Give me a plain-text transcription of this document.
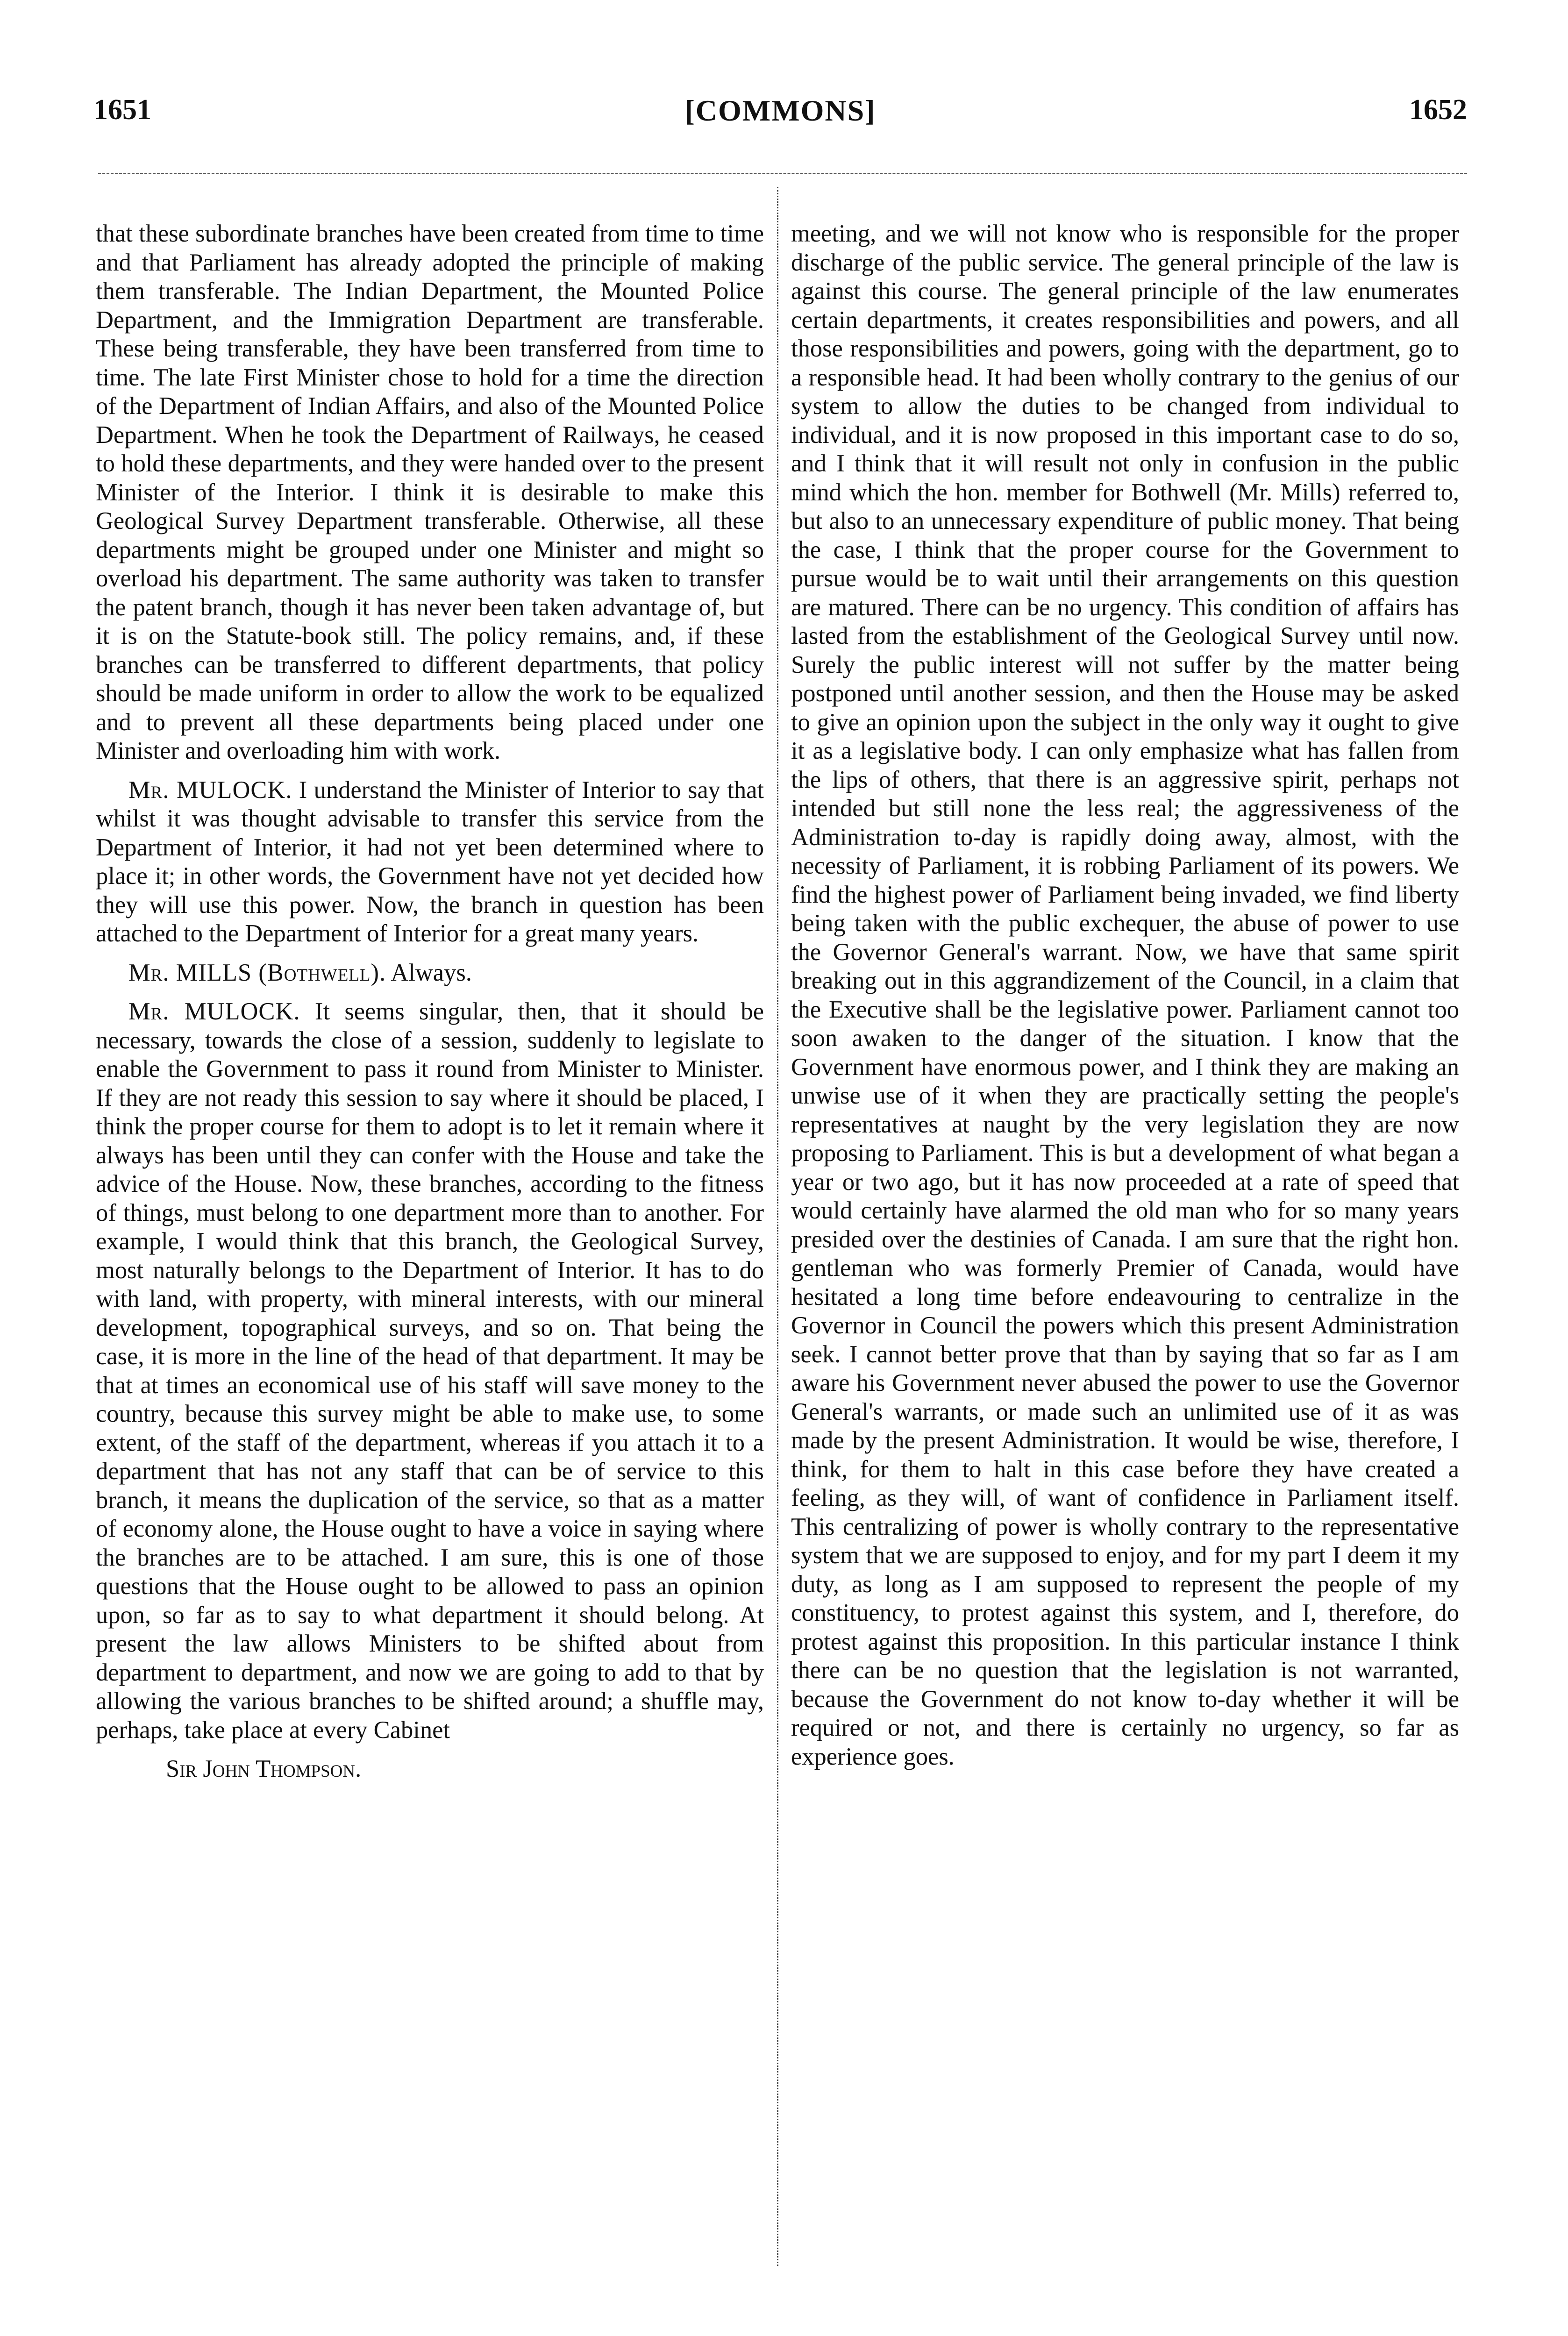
1651	[COMMONS]	1652

that these subordinate branches have been created from time to time and that Parliament has already adopted the principle of making them transferable. The Indian Department, the Mounted Police Department, and the Immigration Department are transferable. These being transferable, they have been transferred from time to time. The late First Minister chose to hold for a time the direction of the Department of Indian Affairs, and also of the Mounted Police Department. When he took the Department of Railways, he ceased to hold these departments, and they were handed over to the present Minister of the Interior. I think it is desirable to make this Geological Survey Department transferable. Otherwise, all these departments might be grouped under one Minister and might so overload his department. The same authority was taken to transfer the patent branch, though it has never been taken advantage of, but it is on the Statute-book still. The policy remains, and, if these branches can be transferred to different departments, that policy should be made uniform in order to allow the work to be equalized and to prevent all these departments being placed under one Minister and overloading him with work.

Mr. MULOCK. I understand the Minister of Interior to say that whilst it was thought advisable to transfer this service from the Department of Interior, it had not yet been determined where to place it; in other words, the Government have not yet decided how they will use this power. Now, the branch in question has been attached to the Department of Interior for a great many years.

Mr. MILLS (Bothwell). Always.

Mr. MULOCK. It seems singular, then, that it should be necessary, towards the close of a session, suddenly to legislate to enable the Government to pass it round from Minister to Minister. If they are not ready this session to say where it should be placed, I think the proper course for them to adopt is to let it remain where it always has been until they can confer with the House and take the advice of the House. Now, these branches, according to the fitness of things, must belong to one department more than to another. For example, I would think that this branch, the Geological Survey, most naturally belongs to the Department of Interior. It has to do with land, with property, with mineral interests, with our mineral development, topographical surveys, and so on. That being the case, it is more in the line of the head of that department. It may be that at times an economical use of his staff will save money to the country, because this survey might be able to make use, to some extent, of the staff of the department, whereas if you attach it to a department that has not any staff that can be of service to this branch, it means the duplication of the service, so that as a matter of economy alone, the House ought to have a voice in saying where the branches are to be attached. I am sure, this is one of those questions that the House ought to be allowed to pass an opinion upon, so far as to say to what department it should belong. At present the law allows Ministers to be shifted about from department to department, and now we are going to add to that by allowing the various branches to be shifted around; a shuffle may, perhaps, take place at every Cabinet

Sir John Thompson.

meeting, and we will not know who is responsible for the proper discharge of the public service. The general principle of the law is against this course. The general principle of the law enumerates certain departments, it creates responsibilities and powers, and all those responsibilities and powers, going with the department, go to a responsible head. It had been wholly contrary to the genius of our system to allow the duties to be changed from individual to individual, and it is now proposed in this important case to do so, and I think that it will result not only in confusion in the public mind which the hon. member for Bothwell (Mr. Mills) referred to, but also to an unnecessary expenditure of public money. That being the case, I think that the proper course for the Government to pursue would be to wait until their arrangements on this question are matured. There can be no urgency. This condition of affairs has lasted from the establishment of the Geological Survey until now. Surely the public interest will not suffer by the matter being postponed until another session, and then the House may be asked to give an opinion upon the subject in the only way it ought to give it as a legislative body. I can only emphasize what has fallen from the lips of others, that there is an aggressive spirit, perhaps not intended but still none the less real; the aggressiveness of the Administration to-day is rapidly doing away, almost, with the necessity of Parliament, it is robbing Parliament of its powers. We find the highest power of Parliament being invaded, we find liberty being taken with the public exchequer, the abuse of power to use the Governor General's warrant. Now, we have that same spirit breaking out in this aggrandizement of the Council, in a claim that the Executive shall be the legislative power. Parliament cannot too soon awaken to the danger of the situation. I know that the Government have enormous power, and I think they are making an unwise use of it when they are practically setting the people's representatives at naught by the very legislation they are now proposing to Parliament. This is but a development of what began a year or two ago, but it has now proceeded at a rate of speed that would certainly have alarmed the old man who for so many years presided over the destinies of Canada. I am sure that the right hon. gentleman who was formerly Premier of Canada, would have hesitated a long time before endeavouring to centralize in the Governor in Council the powers which this present Administration seek. I cannot better prove that than by saying that so far as I am aware his Government never abused the power to use the Governor General's warrants, or made such an unlimited use of it as was made by the present Administration. It would be wise, therefore, I think, for them to halt in this case before they have created a feeling, as they will, of want of confidence in Parliament itself. This centralizing of power is wholly contrary to the representative system that we are supposed to enjoy, and for my part I deem it my duty, as long as I am supposed to represent the people of my constituency, to protest against this system, and I, therefore, do protest against this proposition. In this particular instance I think there can be no question that the legislation is not warranted, because the Government do not know to-day whether it will be required or not, and there is certainly no urgency, so far as experience goes.
